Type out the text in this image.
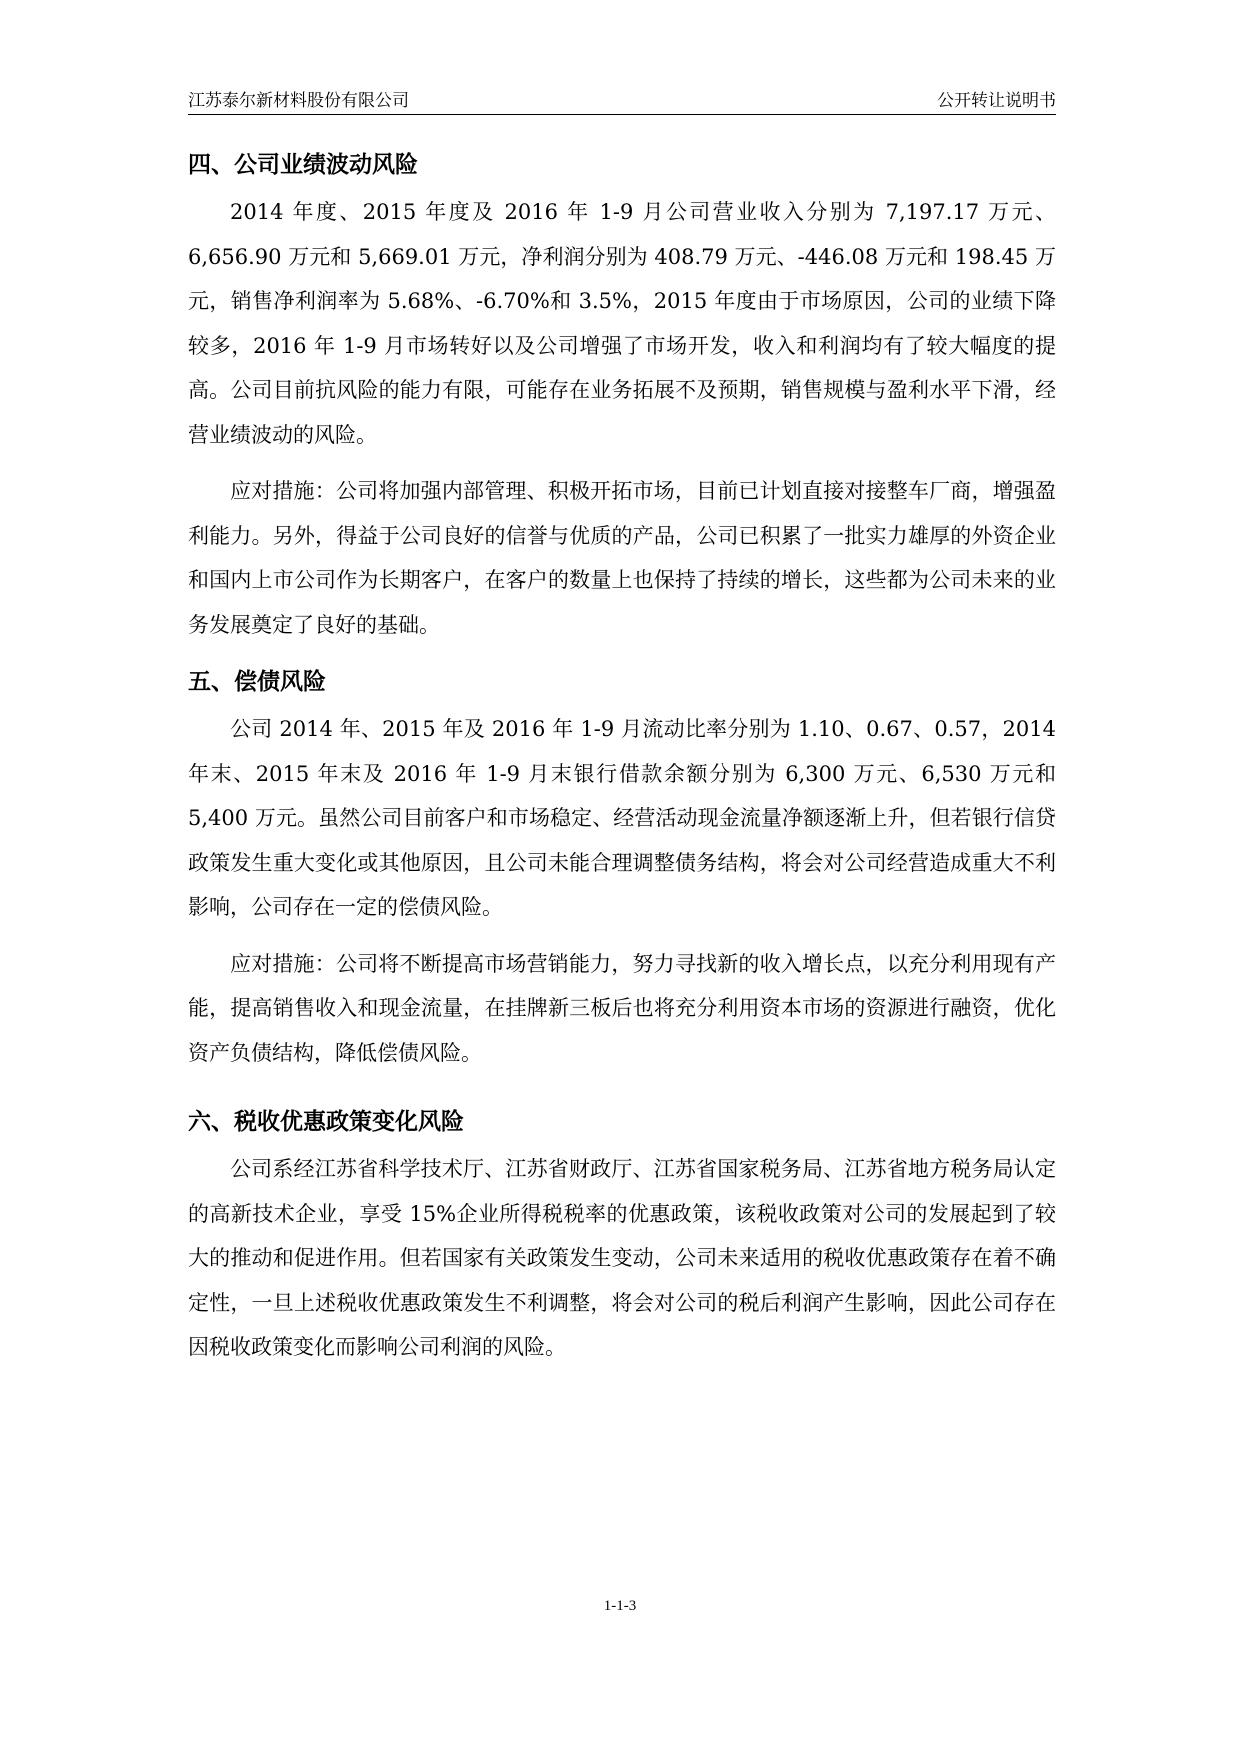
江苏泰尔新材料股份有限公司	公开转让说明书
四、公司业绩波动风险

2014 年度、2015 年度及 2016 年 1-9 月公司营业收入分别为 7,197.17 万元、6,656.90 万元和 5,669.01 万元，净利润分别为 408.79 万元、-446.08 万元和 198.45 万元，销售净利润率为 5.68%、-6.70%和 3.5%，2015 年度由于市场原因，公司的业绩下降较多，2016 年 1-9 月市场转好以及公司增强了市场开发，收入和利润均有了较大幅度的提高。公司目前抗风险的能力有限，可能存在业务拓展不及预期，销售规模与盈利水平下滑，经营业绩波动的风险。

应对措施：公司将加强内部管理、积极开拓市场，目前已计划直接对接整车厂商，增强盈利能力。另外，得益于公司良好的信誉与优质的产品，公司已积累了一批实力雄厚的外资企业和国内上市公司作为长期客户，在客户的数量上也保持了持续的增长，这些都为公司未来的业务发展奠定了良好的基础。

五、偿债风险

公司 2014 年、2015 年及 2016 年 1-9 月流动比率分别为 1.10、0.67、0.57，2014 年末、2015 年末及 2016 年 1-9 月末银行借款余额分别为 6,300 万元、6,530 万元和 5,400 万元。虽然公司目前客户和市场稳定、经营活动现金流量净额逐渐上升，但若银行信贷政策发生重大变化或其他原因，且公司未能合理调整债务结构，将会对公司经营造成重大不利影响，公司存在一定的偿债风险。

应对措施：公司将不断提高市场营销能力，努力寻找新的收入增长点，以充分利用现有产能，提高销售收入和现金流量，在挂牌新三板后也将充分利用资本市场的资源进行融资，优化资产负债结构，降低偿债风险。

六、税收优惠政策变化风险

公司系经江苏省科学技术厅、江苏省财政厅、江苏省国家税务局、江苏省地方税务局认定的高新技术企业，享受 15%企业所得税税率的优惠政策，该税收政策对公司的发展起到了较大的推动和促进作用。但若国家有关政策发生变动，公司未来适用的税收优惠政策存在着不确定性，一旦上述税收优惠政策发生不利调整，将会对公司的税后利润产生影响，因此公司存在因税收政策变化而影响公司利润的风险。

1-1-3
